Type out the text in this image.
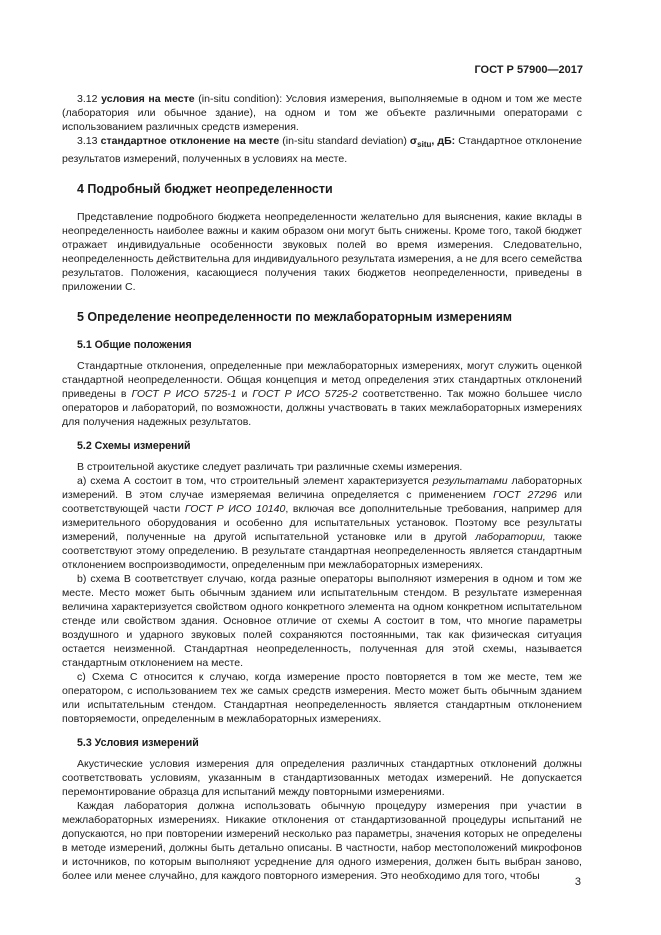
ГОСТ Р 57900—2017

3.12 условия на месте (in-situ condition): Условия измерения, выполняемые в одном и том же месте (лаборатория или обычное здание), на одном и том же объекте различными операторами с использованием различных средств измерения.

3.13 стандартное отклонение на месте (in-situ standard deviation) $\sigma_{situ}$, дБ: Стандартное отклонение результатов измерений, полученных в условиях на месте.

4 Подробный бюджет неопределенности

Представление подробного бюджета неопределенности желательно для выяснения, какие вклады в неопределенность наиболее важны и каким образом они могут быть снижены. Кроме того, такой бюджет отражает индивидуальные особенности звуковых полей во время измерения. Следовательно, неопределенность действительна для индивидуального результата измерения, а не для всего семейства результатов. Положения, касающиеся получения таких бюджетов неопределенности, приведены в приложении С.

5 Определение неопределенности по межлабораторным измерениям
5.1 Общие положения

Стандартные отклонения, определенные при межлабораторных измерениях, могут служить оценкой стандартной неопределенности. Общая концепция и метод определения этих стандартных отклонений приведены в ГОСТ Р ИСО 5725-1 и ГОСТ Р ИСО 5725-2 соответственно. Так можно большее число операторов и лабораторий, по возможности, должны участвовать в таких межлабораторных измерениях для получения надежных результатов.

5.2 Схемы измерений

В строительной акустике следует различать три различные схемы измерения.

а) схема А состоит в том, что строительный элемент характеризуется результатами лабораторных измерений. В этом случае измеряемая величина определяется с применением ГОСТ 27296 или соответствующей части ГОСТ Р ИСО 10140, включая все дополнительные требования, например для измерительного оборудования и особенно для испытательных установок. Поэтому все результаты измерений, полученные на другой испытательной установке или в другой лаборатории, также соответствуют этому определению. В результате стандартная неопределенность является стандартным отклонением воспроизводимости, определенным при межлабораторных измерениях.

b) схема В соответствует случаю, когда разные операторы выполняют измерения в одном и том же месте. Место может быть обычным зданием или испытательным стендом. В результате измеренная величина характеризуется свойством одного конкретного элемента на одном конкретном испытательном стенде или свойством здания. Основное отличие от схемы А состоит в том, что многие параметры воздушного и ударного звуковых полей сохраняются постоянными, так как физическая ситуация остается неизменной. Стандартная неопределенность, полученная для этой схемы, называется стандартным отклонением на месте.

с) Схема С относится к случаю, когда измерение просто повторяется в том же месте, тем же оператором, с использованием тех же самых средств измерения. Место может быть обычным зданием или испытательным стендом. Стандартная неопределенность является стандартным отклонением повторяемости, определенным в межлабораторных измерениях.

5.3 Условия измерений

Акустические условия измерения для определения различных стандартных отклонений должны соответствовать условиям, указанным в стандартизованных методах измерений. Не допускается перемонтирование образца для испытаний между повторными измерениями.

Каждая лаборатория должна использовать обычную процедуру измерения при участии в межлабораторных измерениях. Никакие отклонения от стандартизованной процедуры испытаний не допускаются, но при повторении измерений несколько раз параметры, значения которых не определены в методе измерений, должны быть детально описаны. В частности, набор местоположений микрофонов и источников, по которым выполняют усреднение для одного измерения, должен быть выбран заново, более или менее случайно, для каждого повторного измерения. Это необходимо для того, чтобы	3
